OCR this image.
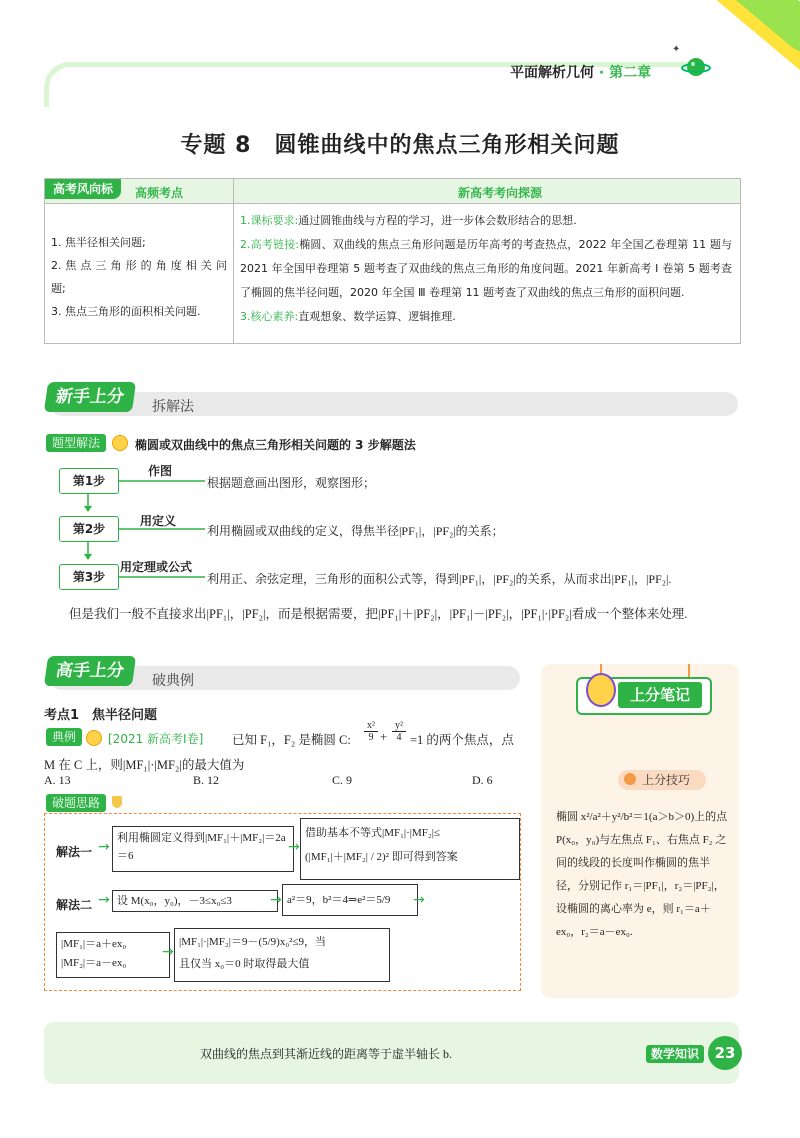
平面解析几何 · 第二章
✦
专题 8　圆锥曲线中的焦点三角形相关问题
高考风向标	高频考点	新高考考向探源
1. 焦半径相关问题;
2. 焦 点 三 角 形 的 角 度 相 关 问题;
3. 焦点三角形的面积相关问题.
1.课标要求:通过圆锥曲线与方程的学习，进一步体会数形结合的思想.
2.高考链接:椭圆、双曲线的焦点三角形问题是历年高考的考查热点，2022 年全国乙卷理第 11 题与 2021 年全国甲卷理第 5 题考查了双曲线的焦点三角形的角度问题。2021 年新高考 Ⅰ 卷第 5 题考查了椭圆的焦半径问题，2020 年全国 Ⅲ 卷理第 11 题考查了双曲线的焦点三角形的面积问题.
3.核心素养:直观想象、数学运算、逻辑推理.
新手上分	拆解法
题型解法	椭圆或双曲线中的焦点三角形相关问题的 3 步解题法
第1步
第2步
第3步
作图
用定义
用定理或公式
根据题意画出图形，观察图形；
利用椭圆或双曲线的定义，得焦半径|PF₁|，|PF₂|的关系；
利用正、余弦定理，三角形的面积公式等，得到|PF₁|，|PF₂|的关系，从而求出|PF₁|，|PF₂|.
但是我们一般不直接求出|PF₁|，|PF₂|，而是根据需要，把|PF₁|＋|PF₂|，|PF₁|－|PF₂|，|PF₁|·|PF₂|看成一个整体来处理.
高手上分	破典例
考点1　焦半径问题
典例	[2021 新高考Ⅰ卷] 已知 F₁，F₂ 是椭圆 C: $\frac{\text{x²}}{9} + \frac{\text{y²}}{4} =1$ 的两个焦点，点
M 在 C 上，则|MF₁|·|MF₂|的最大值为
A. 13	B. 12	C. 9	D. 6
破题思路
解法一 →
利用椭圆定义得到|MF₁|＋|MF₂|＝2a＝6
→
借助基本不等式|MF₁|·|MF₂|≤
(|MF₁|＋|MF₂| / 2)² 即可得到答案
解法二 → 设 M(x₀，y₀)，－3≤x₀≤3	→ a²＝9，b²＝4⇒e²＝5/9	→
|MF₁|＝a＋ex₀
|MF₂|＝a－ex₀
→
|MF₁|·|MF₂|＝9－(5/9)x₀²≤9，当
且仅当 x₀＝0 时取得最大值
上分笔记
上分技巧
椭圆 x²/a²＋y²/b²＝1(a＞b＞0)上的点 P(x₀，y₀)与左焦点 F₁、右焦点 F₂ 之间的线段的长度叫作椭圆的焦半径，分别记作 r₁＝|PF₁|，r₂＝|PF₂|，设椭圆的离心率为 e，则 r₁＝a＋ex₀，r₂＝a－ex₀.
双曲线的焦点到其渐近线的距离等于虚半轴长 b.	数学知识	23
